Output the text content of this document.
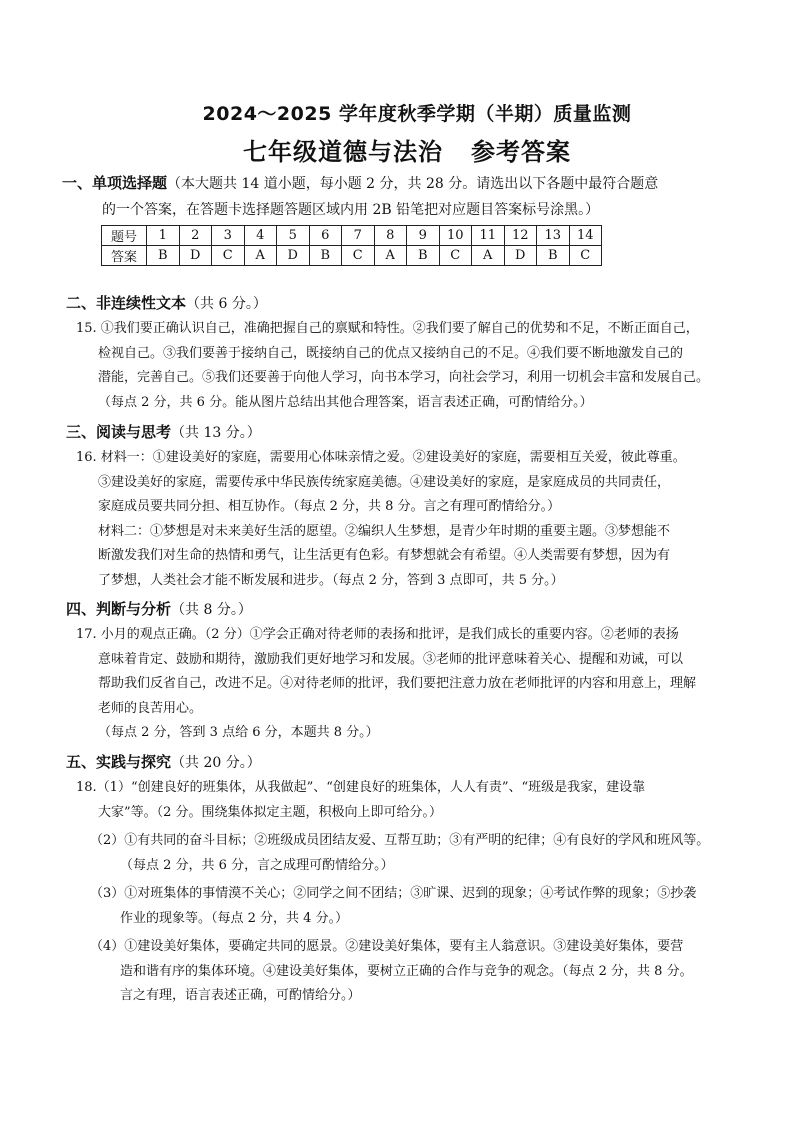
2024～2025 学年度秋季学期（半期）质量监测
七年级道德与法治 参考答案
一、单项选择题（本大题共 14 道小题，每小题 2 分，共 28 分。请选出以下各题中最符合题意
的一个答案，在答题卡选择题答题区域内用 2B 铅笔把对应题目答案标号涂黑。）
题号	1	2	3	4	5	6	7	8	9	10	11	12	13	14
答案	B	D	C	A	D	B	C	A	B	C	A	D	B	C
二、非连续性文本（共 6 分。）
15. ①我们要正确认识自己，准确把握自己的禀赋和特性。②我们要了解自己的优势和不足，不断正面自己，
检视自己。③我们要善于接纳自己，既接纳自己的优点又接纳自己的不足。④我们要不断地激发自己的
潜能，完善自己。⑤我们还要善于向他人学习，向书本学习，向社会学习，利用一切机会丰富和发展自己。
（每点 2 分，共 6 分。能从图片总结出其他合理答案，语言表述正确，可酌情给分。）
三、阅读与思考（共 13 分。）
16. 材料一：①建设美好的家庭，需要用心体味亲情之爱。②建设美好的家庭，需要相互关爱，彼此尊重。
③建设美好的家庭，需要传承中华民族传统家庭美德。④建设美好的家庭，是家庭成员的共同责任，
家庭成员要共同分担、相互协作。（每点 2 分，共 8 分。言之有理可酌情给分。）
材料二：①梦想是对未来美好生活的愿望。②编织人生梦想，是青少年时期的重要主题。③梦想能不
断激发我们对生命的热情和勇气，让生活更有色彩。有梦想就会有希望。④人类需要有梦想，因为有
了梦想，人类社会才能不断发展和进步。（每点 2 分，答到 3 点即可，共 5 分。）
四、判断与分析（共 8 分。）
17. 小月的观点正确。（2 分）①学会正确对待老师的表扬和批评，是我们成长的重要内容。②老师的表扬
意味着肯定、鼓励和期待，激励我们更好地学习和发展。③老师的批评意味着关心、提醒和劝诫，可以
帮助我们反省自己，改进不足。④对待老师的批评，我们要把注意力放在老师批评的内容和用意上，理解
老师的良苦用心。
（每点 2 分，答到 3 点给 6 分，本题共 8 分。）
五、实践与探究（共 20 分。）
18.（1）“创建良好的班集体，从我做起”、“创建良好的班集体，人人有责”、“班级是我家，建设靠
大家”等。（2 分。围绕集体拟定主题，积极向上即可给分。）
（2）①有共同的奋斗目标；②班级成员团结友爱、互帮互助；③有严明的纪律；④有良好的学风和班风等。
（每点 2 分，共 6 分，言之成理可酌情给分。）
（3）①对班集体的事情漠不关心；②同学之间不团结；③旷课、迟到的现象；④考试作弊的现象；⑤抄袭
作业的现象等。（每点 2 分，共 4 分。）
（4）①建设美好集体，要确定共同的愿景。②建设美好集体，要有主人翁意识。③建设美好集体，要营
造和谐有序的集体环境。④建设美好集体，要树立正确的合作与竞争的观念。（每点 2 分，共 8 分。
言之有理，语言表述正确，可酌情给分。）
